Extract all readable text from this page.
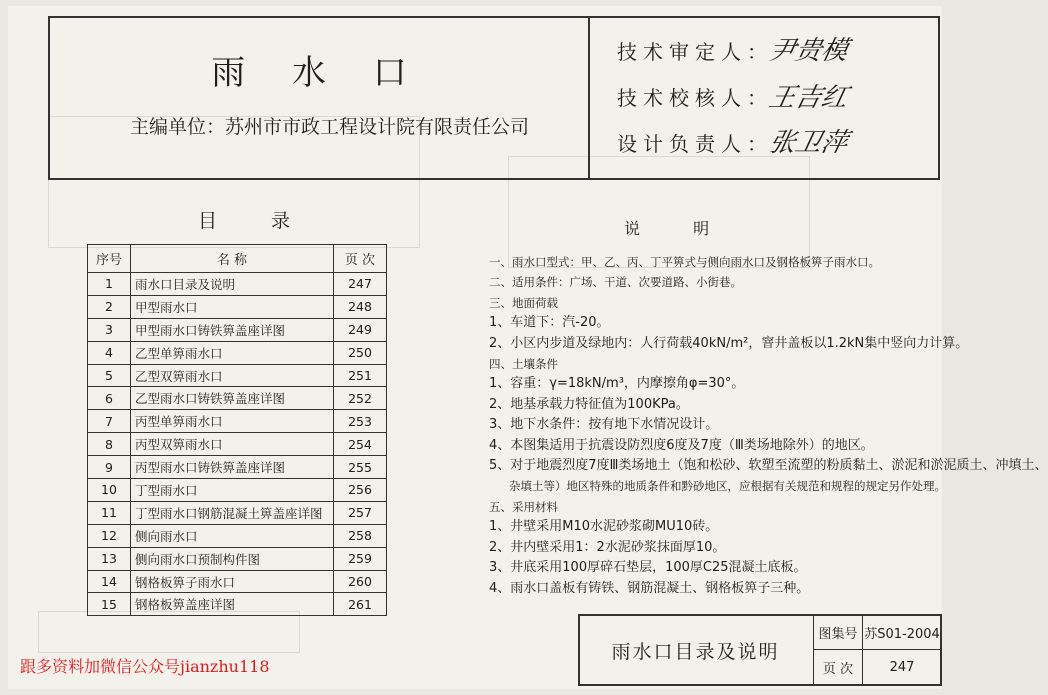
雨 水 口
主编单位：苏州市市政工程设计院有限责任公司
技术审定人：
尹贵模
技术校核人：
王吉红
设计负责人：
张卫萍
目 录
序号	名 称	页 次
1	雨水口目录及说明	247
2	甲型雨水口	248
3	甲型雨水口铸铁箅盖座详图	249
4	乙型单箅雨水口	250
5	乙型双箅雨水口	251
6	乙型雨水口铸铁箅盖座详图	252
7	丙型单箅雨水口	253
8	丙型双箅雨水口	254
9	丙型雨水口铸铁箅盖座详图	255
10	丁型雨水口	256
11	丁型雨水口钢筋混凝土箅盖座详图	257
12	侧向雨水口	258
13	侧向雨水口预制构件图	259
14	钢格板箅子雨水口	260
15	钢格板箅盖座详图	261
说 明
一、雨水口型式：甲、乙、丙、丁平箅式与侧向雨水口及钢格板箅子雨水口。
二、适用条件：广场、干道、次要道路、小街巷。
三、地面荷载
1、车道下：汽-20。
2、小区内步道及绿地内：人行荷载40kN/m²，窨井盖板以1.2kN集中竖向力计算。
四、土壤条件
1、容重：γ=18kN/m³，内摩擦角φ=30°。
2、地基承载力特征值为100KPa。
3、地下水条件：按有地下水情况设计。
4、本图集适用于抗震设防烈度6度及7度（Ⅲ类场地除外）的地区。
5、对于地震烈度7度Ⅲ类场地土（饱和松砂、软塑至流塑的粉质黏土、淤泥和淤泥质土、冲填土、
杂填土等）地区特殊的地质条件和黔砂地区，应根据有关规范和规程的规定另作处理。
五、采用材料
1、井壁采用M10水泥砂浆砌MU10砖。
2、井内壁采用1：2水泥砂浆抹面厚10。
3、井底采用100厚碎石垫层，100厚C25混凝土底板。
4、雨水口盖板有铸铁、钢筋混凝土、钢格板箅子三种。
雨水口目录及说明
图集号 苏S01-2004
页 次	247
跟多资料加微信公众号jianzhu118
